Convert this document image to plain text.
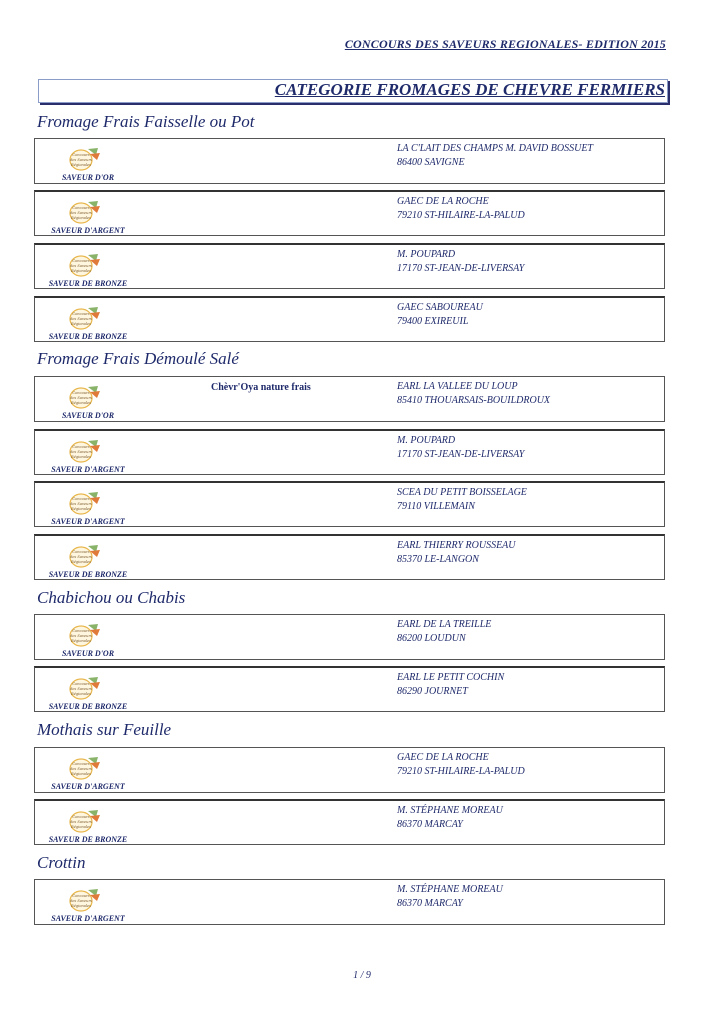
CONCOURS DES SAVEURS REGIONALES- EDITION 2015
CATEGORIE FROMAGES DE CHEVRE FERMIERS
Fromage Frais Faisselle ou Pot
Concours
des Saveurs
Régionales
SAVEUR D'OR
LA C'LAIT DES CHAMPS M. DAVID BOSSUET
86400 SAVIGNE
Concours
des Saveurs
Régionales
SAVEUR D'ARGENT
GAEC DE LA ROCHE
79210 ST-HILAIRE-LA-PALUD
Concours
des Saveurs
Régionales
SAVEUR DE BRONZE
M. POUPARD
17170 ST-JEAN-DE-LIVERSAY
Concours
des Saveurs
Régionales
SAVEUR DE BRONZE
GAEC SABOUREAU
79400 EXIREUIL
Fromage Frais Démoulé Salé
Concours
des Saveurs
Régionales
SAVEUR D'OR
Chèvr'Oya nature frais	EARL LA VALLEE DU LOUP
85410 THOUARSAIS-BOUILDROUX
Concours
des Saveurs
Régionales
SAVEUR D'ARGENT
M. POUPARD
17170 ST-JEAN-DE-LIVERSAY
Concours
des Saveurs
Régionales
SAVEUR D'ARGENT
SCEA DU PETIT BOISSELAGE
79110 VILLEMAIN
Concours
des Saveurs
Régionales
SAVEUR DE BRONZE
EARL THIERRY ROUSSEAU
85370 LE-LANGON
Chabichou ou Chabis
Concours
des Saveurs
Régionales
SAVEUR D'OR
EARL DE LA TREILLE
86200 LOUDUN
Concours
des Saveurs
Régionales
SAVEUR DE BRONZE
EARL LE PETIT COCHIN
86290 JOURNET
Mothais sur Feuille
Concours
des Saveurs
Régionales
SAVEUR D'ARGENT
GAEC DE LA ROCHE
79210 ST-HILAIRE-LA-PALUD
Concours
des Saveurs
Régionales
SAVEUR DE BRONZE
M. STÉPHANE MOREAU
86370 MARCAY
Crottin
Concours
des Saveurs
Régionales
SAVEUR D'ARGENT
M. STÉPHANE MOREAU
86370 MARCAY
1 / 9
